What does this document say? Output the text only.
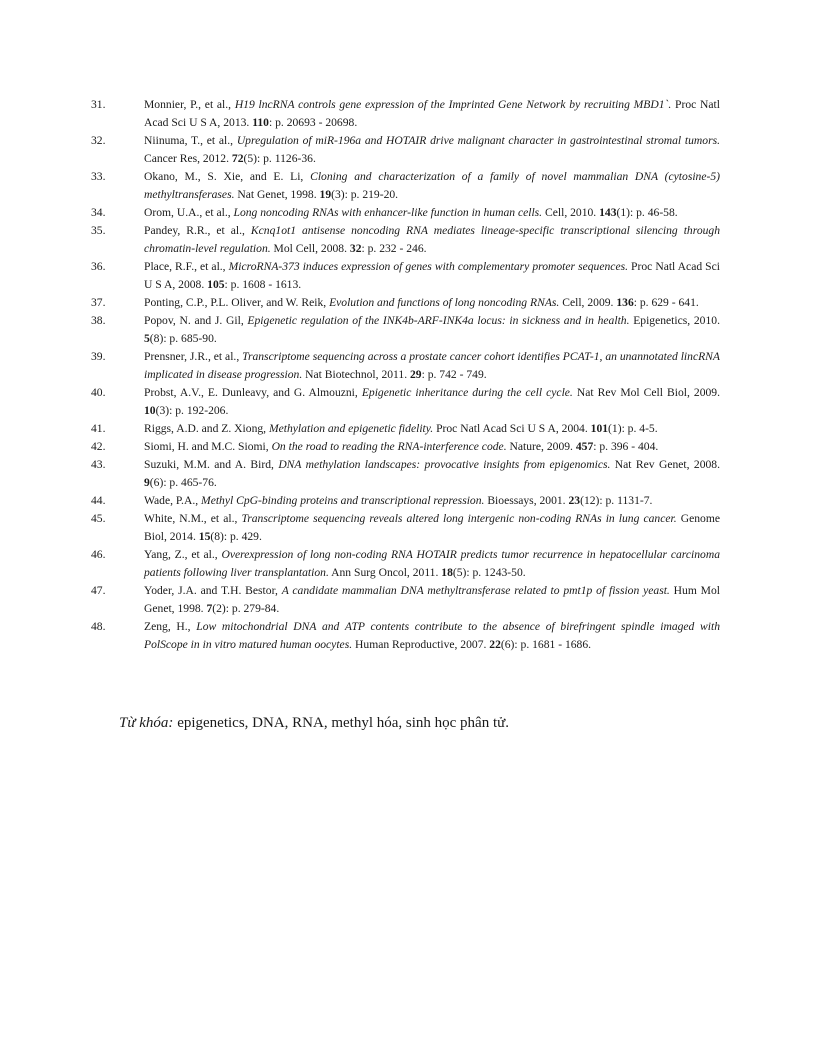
31.	Monnier, P., et al., H19 lncRNA controls gene expression of the Imprinted Gene Network by recruiting MBD1`. Proc Natl Acad Sci U S A, 2013. 110: p. 20693 - 20698.
32.	Niinuma, T., et al., Upregulation of miR-196a and HOTAIR drive malignant character in gastrointestinal stromal tumors. Cancer Res, 2012. 72(5): p. 1126-36.
33.	Okano, M., S. Xie, and E. Li, Cloning and characterization of a family of novel mammalian DNA (cytosine-5) methyltransferases. Nat Genet, 1998. 19(3): p. 219-20.
34.	Orom, U.A., et al., Long noncoding RNAs with enhancer-like function in human cells. Cell, 2010. 143(1): p. 46-58.
35.	Pandey, R.R., et al., Kcnq1ot1 antisense noncoding RNA mediates lineage-specific transcriptional silencing through chromatin-level regulation. Mol Cell, 2008. 32: p. 232 - 246.
36.	Place, R.F., et al., MicroRNA-373 induces expression of genes with complementary promoter sequences. Proc Natl Acad Sci U S A, 2008. 105: p. 1608 - 1613.
37.	Ponting, C.P., P.L. Oliver, and W. Reik, Evolution and functions of long noncoding RNAs. Cell, 2009. 136: p. 629 - 641.
38.	Popov, N. and J. Gil, Epigenetic regulation of the INK4b-ARF-INK4a locus: in sickness and in health. Epigenetics, 2010. 5(8): p. 685-90.
39.	Prensner, J.R., et al., Transcriptome sequencing across a prostate cancer cohort identifies PCAT-1, an unannotated lincRNA implicated in disease progression. Nat Biotechnol, 2011. 29: p. 742 - 749.
40.	Probst, A.V., E. Dunleavy, and G. Almouzni, Epigenetic inheritance during the cell cycle. Nat Rev Mol Cell Biol, 2009. 10(3): p. 192-206.
41.	Riggs, A.D. and Z. Xiong, Methylation and epigenetic fidelity. Proc Natl Acad Sci U S A, 2004. 101(1): p. 4-5.
42.	Siomi, H. and M.C. Siomi, On the road to reading the RNA-interference code. Nature, 2009. 457: p. 396 - 404.
43.	Suzuki, M.M. and A. Bird, DNA methylation landscapes: provocative insights from epigenomics. Nat Rev Genet, 2008. 9(6): p. 465-76.
44.	Wade, P.A., Methyl CpG-binding proteins and transcriptional repression. Bioessays, 2001. 23(12): p. 1131-7.
45.	White, N.M., et al., Transcriptome sequencing reveals altered long intergenic non-coding RNAs in lung cancer. Genome Biol, 2014. 15(8): p. 429.
46.	Yang, Z., et al., Overexpression of long non-coding RNA HOTAIR predicts tumor recurrence in hepatocellular carcinoma patients following liver transplantation. Ann Surg Oncol, 2011. 18(5): p. 1243-50.
47.	Yoder, J.A. and T.H. Bestor, A candidate mammalian DNA methyltransferase related to pmt1p of fission yeast. Hum Mol Genet, 1998. 7(2): p. 279-84.
48.	Zeng, H., Low mitochondrial DNA and ATP contents contribute to the absence of birefringent spindle imaged with PolScope in in vitro matured human oocytes. Human Reproductive, 2007. 22(6): p. 1681 - 1686.
Từ khóa: epigenetics, DNA, RNA, methyl hóa, sinh học phân tử.
